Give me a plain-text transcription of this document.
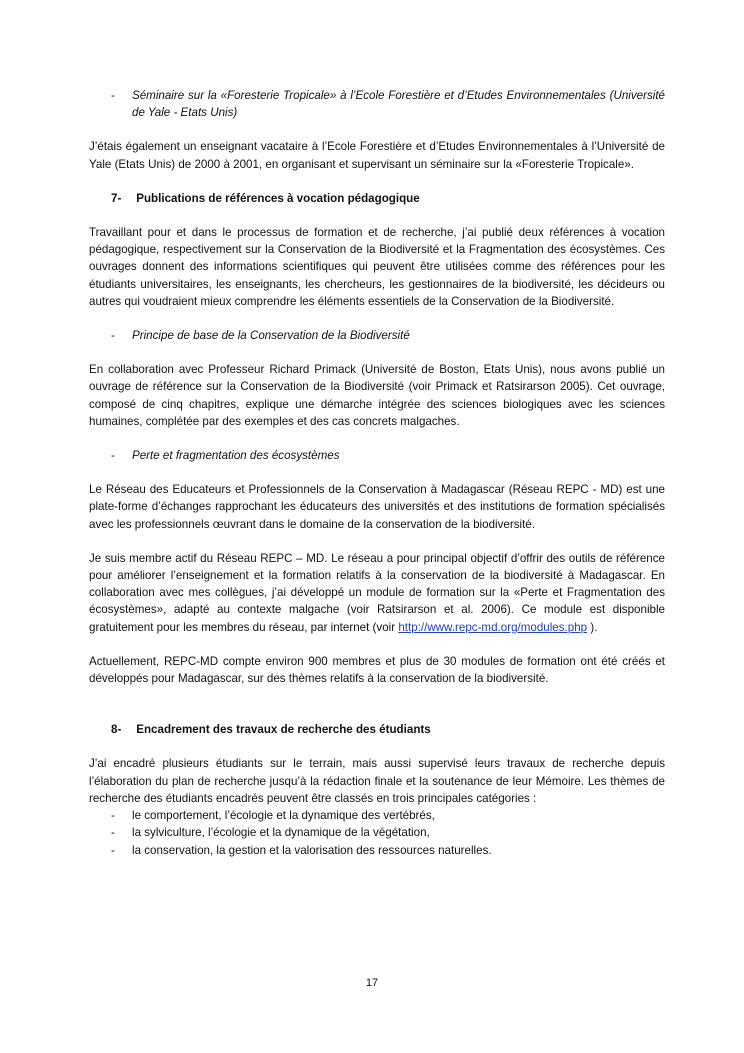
- Séminaire sur la «Foresterie Tropicale» à l’Ecole Forestière et d’Etudes Environnementales (Université de Yale - Etats Unis)

J’étais également un enseignant vacataire à l’Ecole Forestière et d’Etudes Environnementales à l’Université de Yale (Etats Unis) de 2000 à 2001, en organisant et supervisant un séminaire sur la «Foresterie Tropicale».

7- Publications de références à vocation pédagogique

Travaillant pour et dans le processus de formation et de recherche, j’ai publié deux références à vocation pédagogique, respectivement sur la Conservation de la Biodiversité et la Fragmentation des écosystèmes. Ces ouvrages donnent des informations scientifiques qui peuvent être utilisées comme des références pour les étudiants universitaires, les enseignants, les chercheurs, les gestionnaires de la biodiversité, les décideurs ou autres qui voudraient mieux comprendre les éléments essentiels de la Conservation de la Biodiversité.

- Principe de base de la Conservation de la Biodiversité

En collaboration avec Professeur Richard Primack (Université de Boston, Etats Unis), nous avons publié un ouvrage de référence sur la Conservation de la Biodiversité (voir Primack et Ratsirarson 2005). Cet ouvrage, composé de cinq chapitres, explique une démarche intégrée des sciences biologiques avec les sciences humaines, complétée par des exemples et des cas concrets malgaches.

- Perte et fragmentation des écosystèmes

Le Réseau des Educateurs et Professionnels de la Conservation à Madagascar (Réseau REPC - MD) est une plate-forme d’échanges rapprochant les éducateurs des universités et des institutions de formation spécialisés avec les professionnels œuvrant dans le domaine de la conservation de la biodiversité.

Je suis membre actif du Réseau REPC – MD. Le réseau a pour principal objectif d’offrir des outils de référence pour améliorer l’enseignement et la formation relatifs à la conservation de la biodiversité à Madagascar. En collaboration avec mes collègues, j’ai développé un module de formation sur la «Perte et Fragmentation des écosystèmes», adapté au contexte malgache (voir Ratsirarson et al. 2006). Ce module est disponible gratuitement pour les membres du réseau, par internet (voir http://www.repc-md.org/modules.php ).

Actuellement, REPC-MD compte environ 900 membres et plus de 30 modules de formation ont été créés et développés pour Madagascar, sur des thèmes relatifs à la conservation de la biodiversité.

8- Encadrement des travaux de recherche des étudiants

J’ai encadré plusieurs étudiants sur le terrain, mais aussi supervisé leurs travaux de recherche depuis l’élaboration du plan de recherche jusqu’à la rédaction finale et la soutenance de leur Mémoire. Les thèmes de recherche des étudiants encadrés peuvent être classés en trois principales catégories :

- le comportement, l’écologie et la dynamique des vertébrés,
- la sylviculture, l’écologie et la dynamique de la végétation,
- la conservation, la gestion et la valorisation des ressources naturelles.
17
